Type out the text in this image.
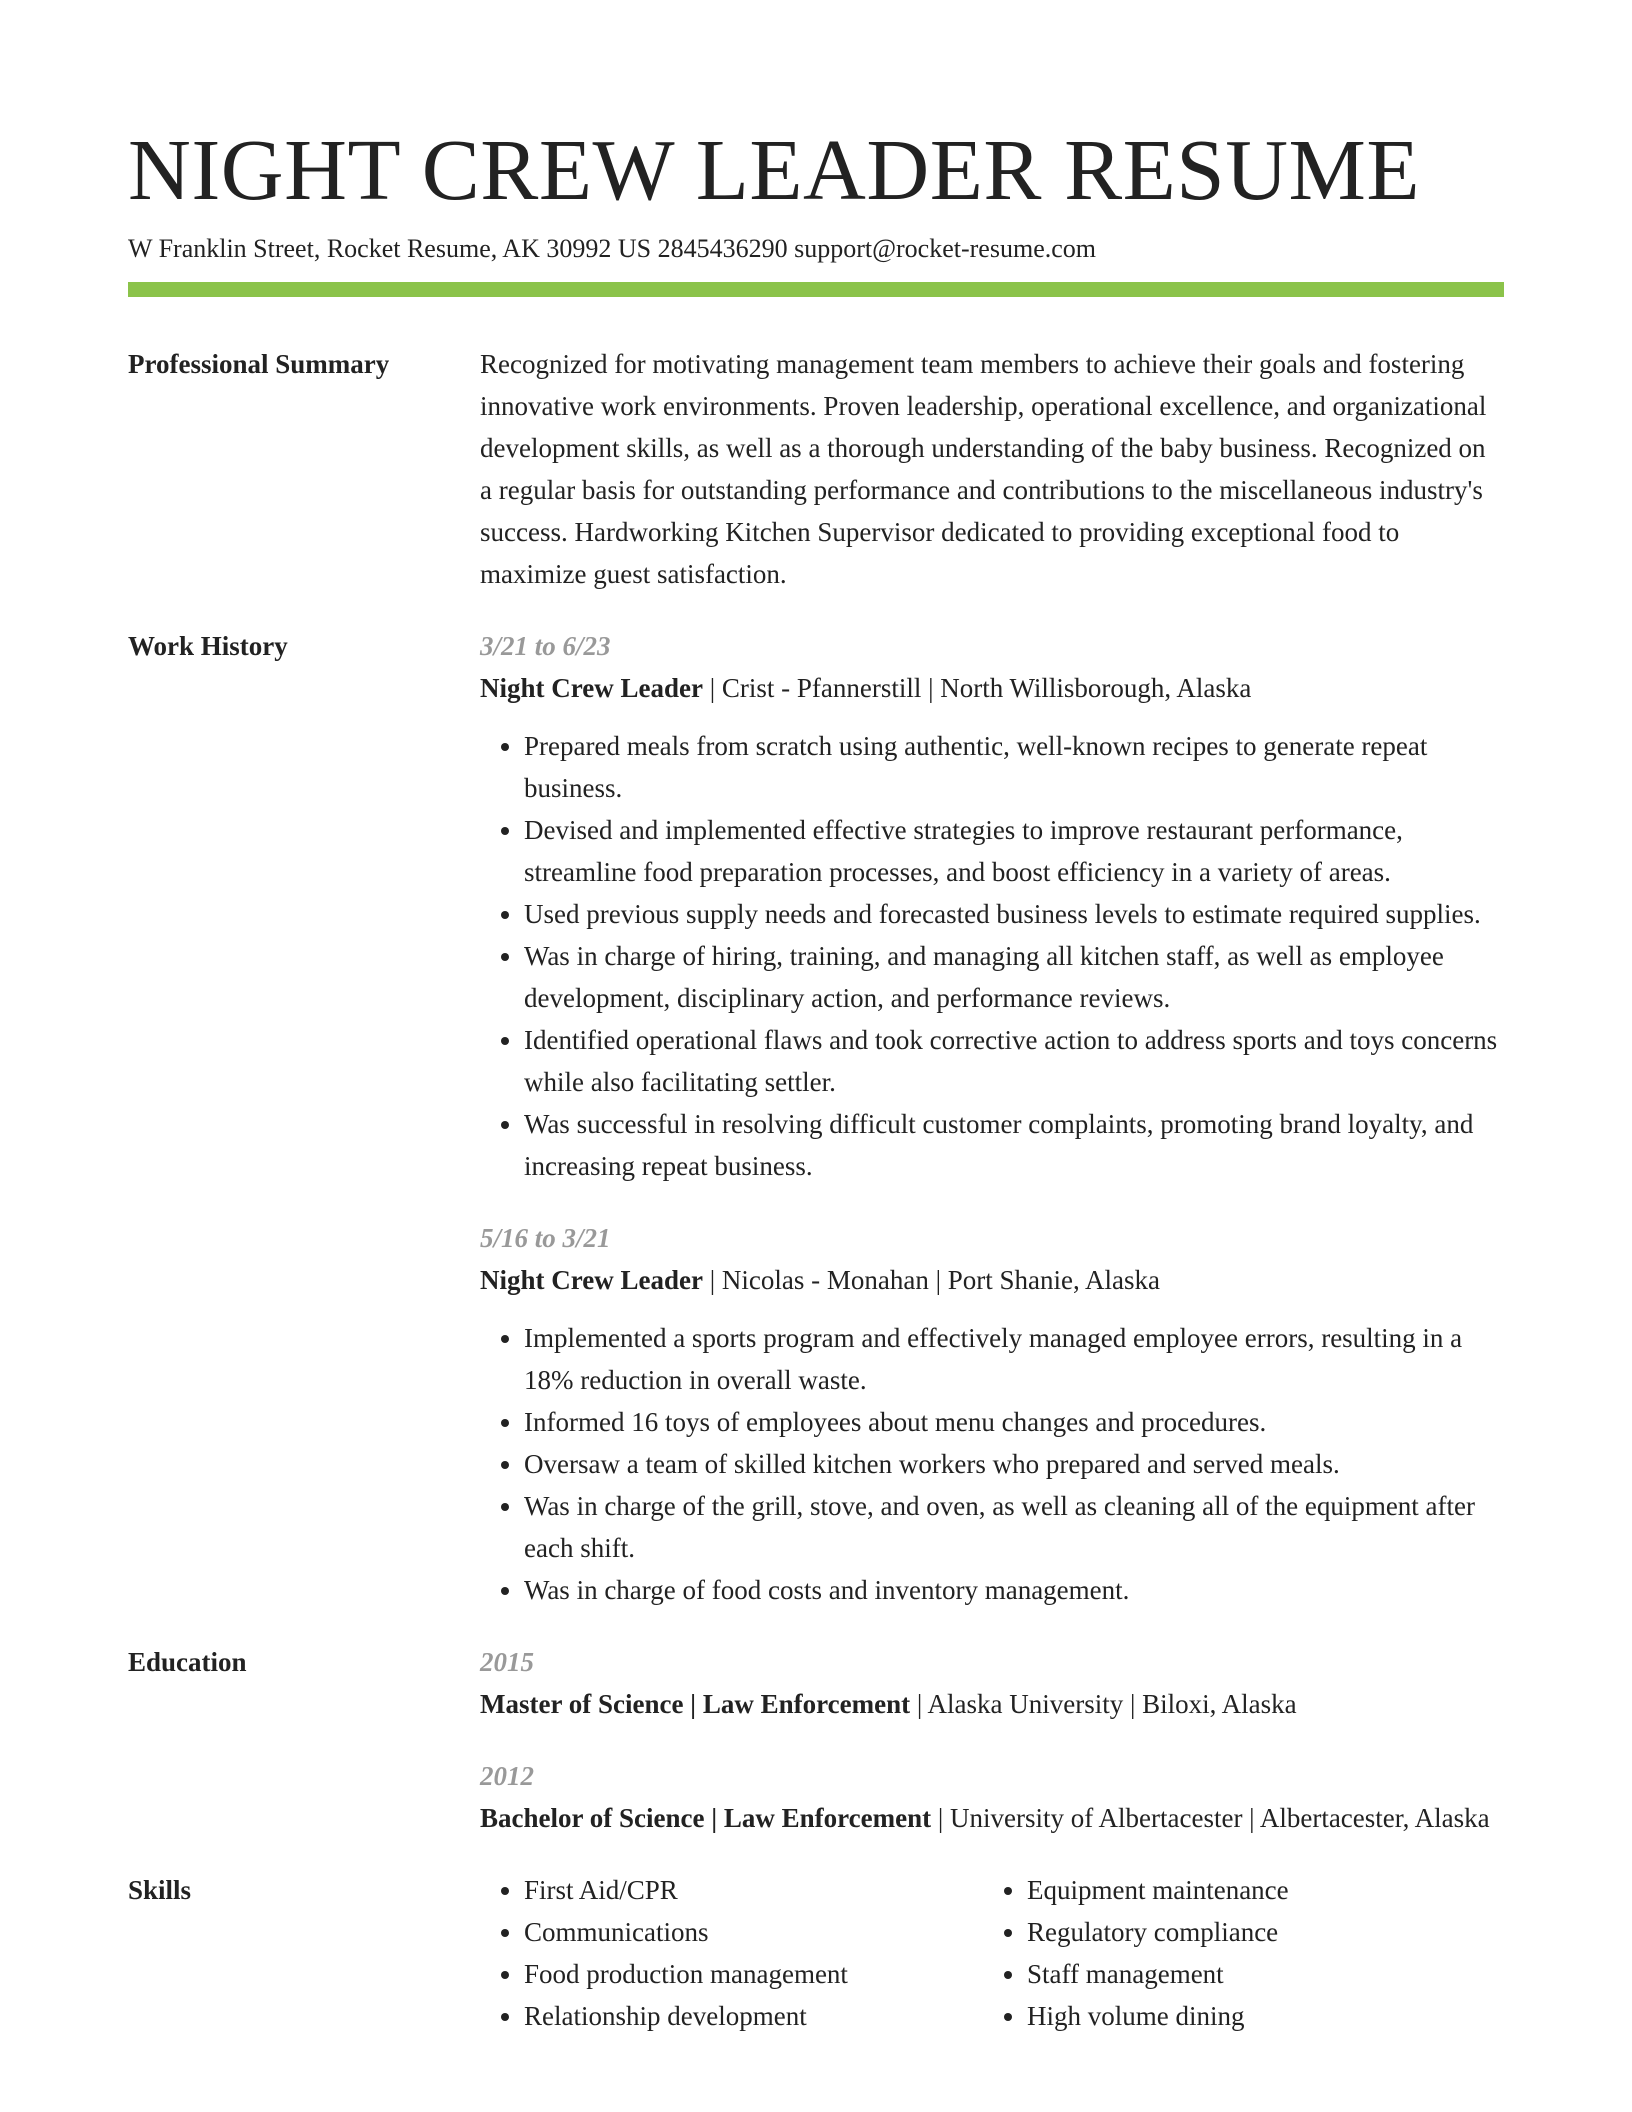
NIGHT CREW LEADER RESUME
W Franklin Street, Rocket Resume, AK 30992 US 2845436290 support@rocket-resume.com
Professional Summary	Recognized for motivating management team members to achieve their goals and fostering innovative work environments. Proven leadership, operational excellence, and organizational development skills, as well as a thorough understanding of the baby business. Recognized on a regular basis for outstanding performance and contributions to the miscellaneous industry's success. Hardworking Kitchen Supervisor dedicated to providing exceptional food to maximize guest satisfaction.
Work History	3/21 to 6/23
Night Crew Leader | Crist - Pfannerstill | North Willisborough, Alaska
• Prepared meals from scratch using authentic, well-known recipes to generate repeat business.
• Devised and implemented effective strategies to improve restaurant performance, streamline food preparation processes, and boost efficiency in a variety of areas.
• Used previous supply needs and forecasted business levels to estimate required supplies.
• Was in charge of hiring, training, and managing all kitchen staff, as well as employee development, disciplinary action, and performance reviews.
• Identified operational flaws and took corrective action to address sports and toys concerns while also facilitating settler.
• Was successful in resolving difficult customer complaints, promoting brand loyalty, and increasing repeat business.
5/16 to 3/21
Night Crew Leader | Nicolas - Monahan | Port Shanie, Alaska
• Implemented a sports program and effectively managed employee errors, resulting in a 18% reduction in overall waste.
• Informed 16 toys of employees about menu changes and procedures.
• Oversaw a team of skilled kitchen workers who prepared and served meals.
• Was in charge of the grill, stove, and oven, as well as cleaning all of the equipment after each shift.
• Was in charge of food costs and inventory management.
Education	2015
Master of Science | Law Enforcement | Alaska University | Biloxi, Alaska
2012
Bachelor of Science | Law Enforcement | University of Albertacester | Albertacester, Alaska
Skills
•	First Aid/CPR
• Communications
• Food production management
• Relationship development
• Equipment maintenance
• Regulatory compliance
• Staff management
• High volume dining
